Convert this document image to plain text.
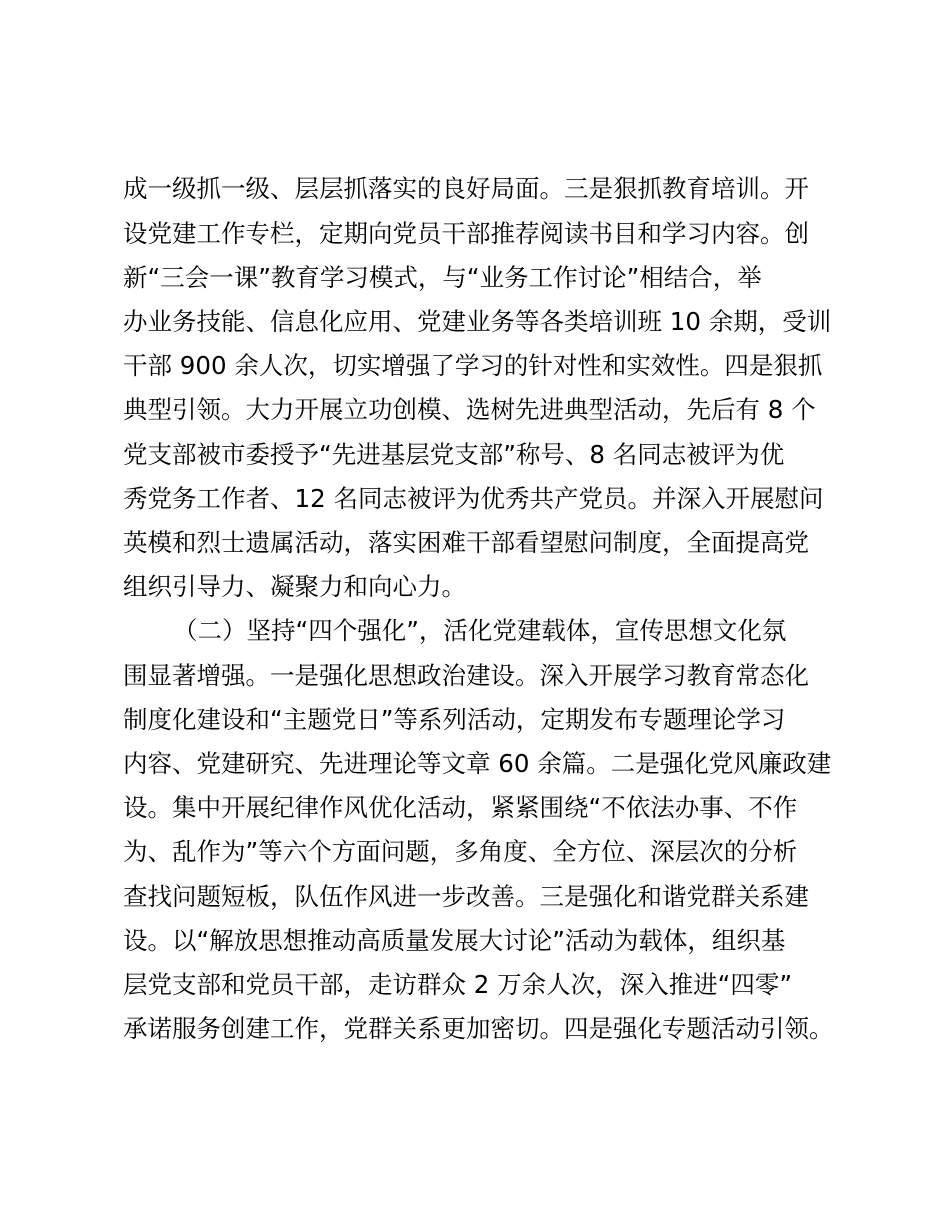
成一级抓一级、层层抓落实的良好局面。三是狠抓教育培训。开
设党建工作专栏，定期向党员干部推荐阅读书目和学习内容。创
新“三会一课”教育学习模式，与“业务工作讨论”相结合，举
办业务技能、信息化应用、党建业务等各类培训班 10 余期，受训
干部 900 余人次，切实增强了学习的针对性和实效性。四是狠抓
典型引领。大力开展立功创模、选树先进典型活动，先后有 8 个
党支部被市委授予“先进基层党支部”称号、8 名同志被评为优
秀党务工作者、12 名同志被评为优秀共产党员。并深入开展慰问
英模和烈士遗属活动，落实困难干部看望慰问制度，全面提高党
组织引导力、凝聚力和向心力。
（二）坚持“四个强化”，活化党建载体，宣传思想文化氛
围显著增强。一是强化思想政治建设。深入开展学习教育常态化
制度化建设和“主题党日”等系列活动，定期发布专题理论学习
内容、党建研究、先进理论等文章 60 余篇。二是强化党风廉政建
设。集中开展纪律作风优化活动，紧紧围绕“不依法办事、不作
为、乱作为”等六个方面问题，多角度、全方位、深层次的分析
查找问题短板，队伍作风进一步改善。三是强化和谐党群关系建
设。以“解放思想推动高质量发展大讨论”活动为载体，组织基
层党支部和党员干部，走访群众 2 万余人次，深入推进“四零”
承诺服务创建工作，党群关系更加密切。四是强化专题活动引领。
